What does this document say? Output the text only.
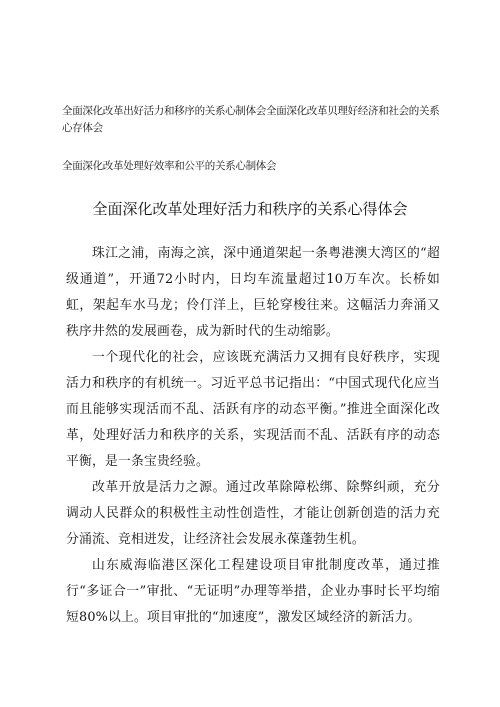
全面深化改革出好活力和移序的关系心制体会全面深化改革贝理好经济和社会的关系心存体会
全面深化改革处理好效率和公平的关系心制体会
全面深化改革处理好活力和秩序的关系心得体会

珠江之浦，南海之滨，深中通道架起一条粤港澳大湾区的“超级通道”，开通72小时内，日均车流量超过10万车次。长桥如虹，架起车水马龙；伶仃洋上，巨轮穿梭往来。这幅活力奔涌又秩序井然的发展画卷，成为新时代的生动缩影。

一个现代化的社会，应该既充满活力又拥有良好秩序，实现活力和秩序的有机统一。习近平总书记指出：“中国式现代化应当而且能够实现活而不乱、活跃有序的动态平衡。”推进全面深化改革，处理好活力和秩序的关系，实现活而不乱、活跃有序的动态平衡，是一条宝贵经验。

改革开放是活力之源。通过改革除障松绑、除弊纠顽，充分调动人民群众的积极性主动性创造性，才能让创新创造的活力充分涌流、竞相迸发，让经济社会发展永葆蓬勃生机。

山东威海临港区深化工程建设项目审批制度改革，通过推行“多证合一”审批、“无证明”办理等举措，企业办事时长平均缩短80%以上。项目审批的“加速度”，激发区域经济的新活力。
